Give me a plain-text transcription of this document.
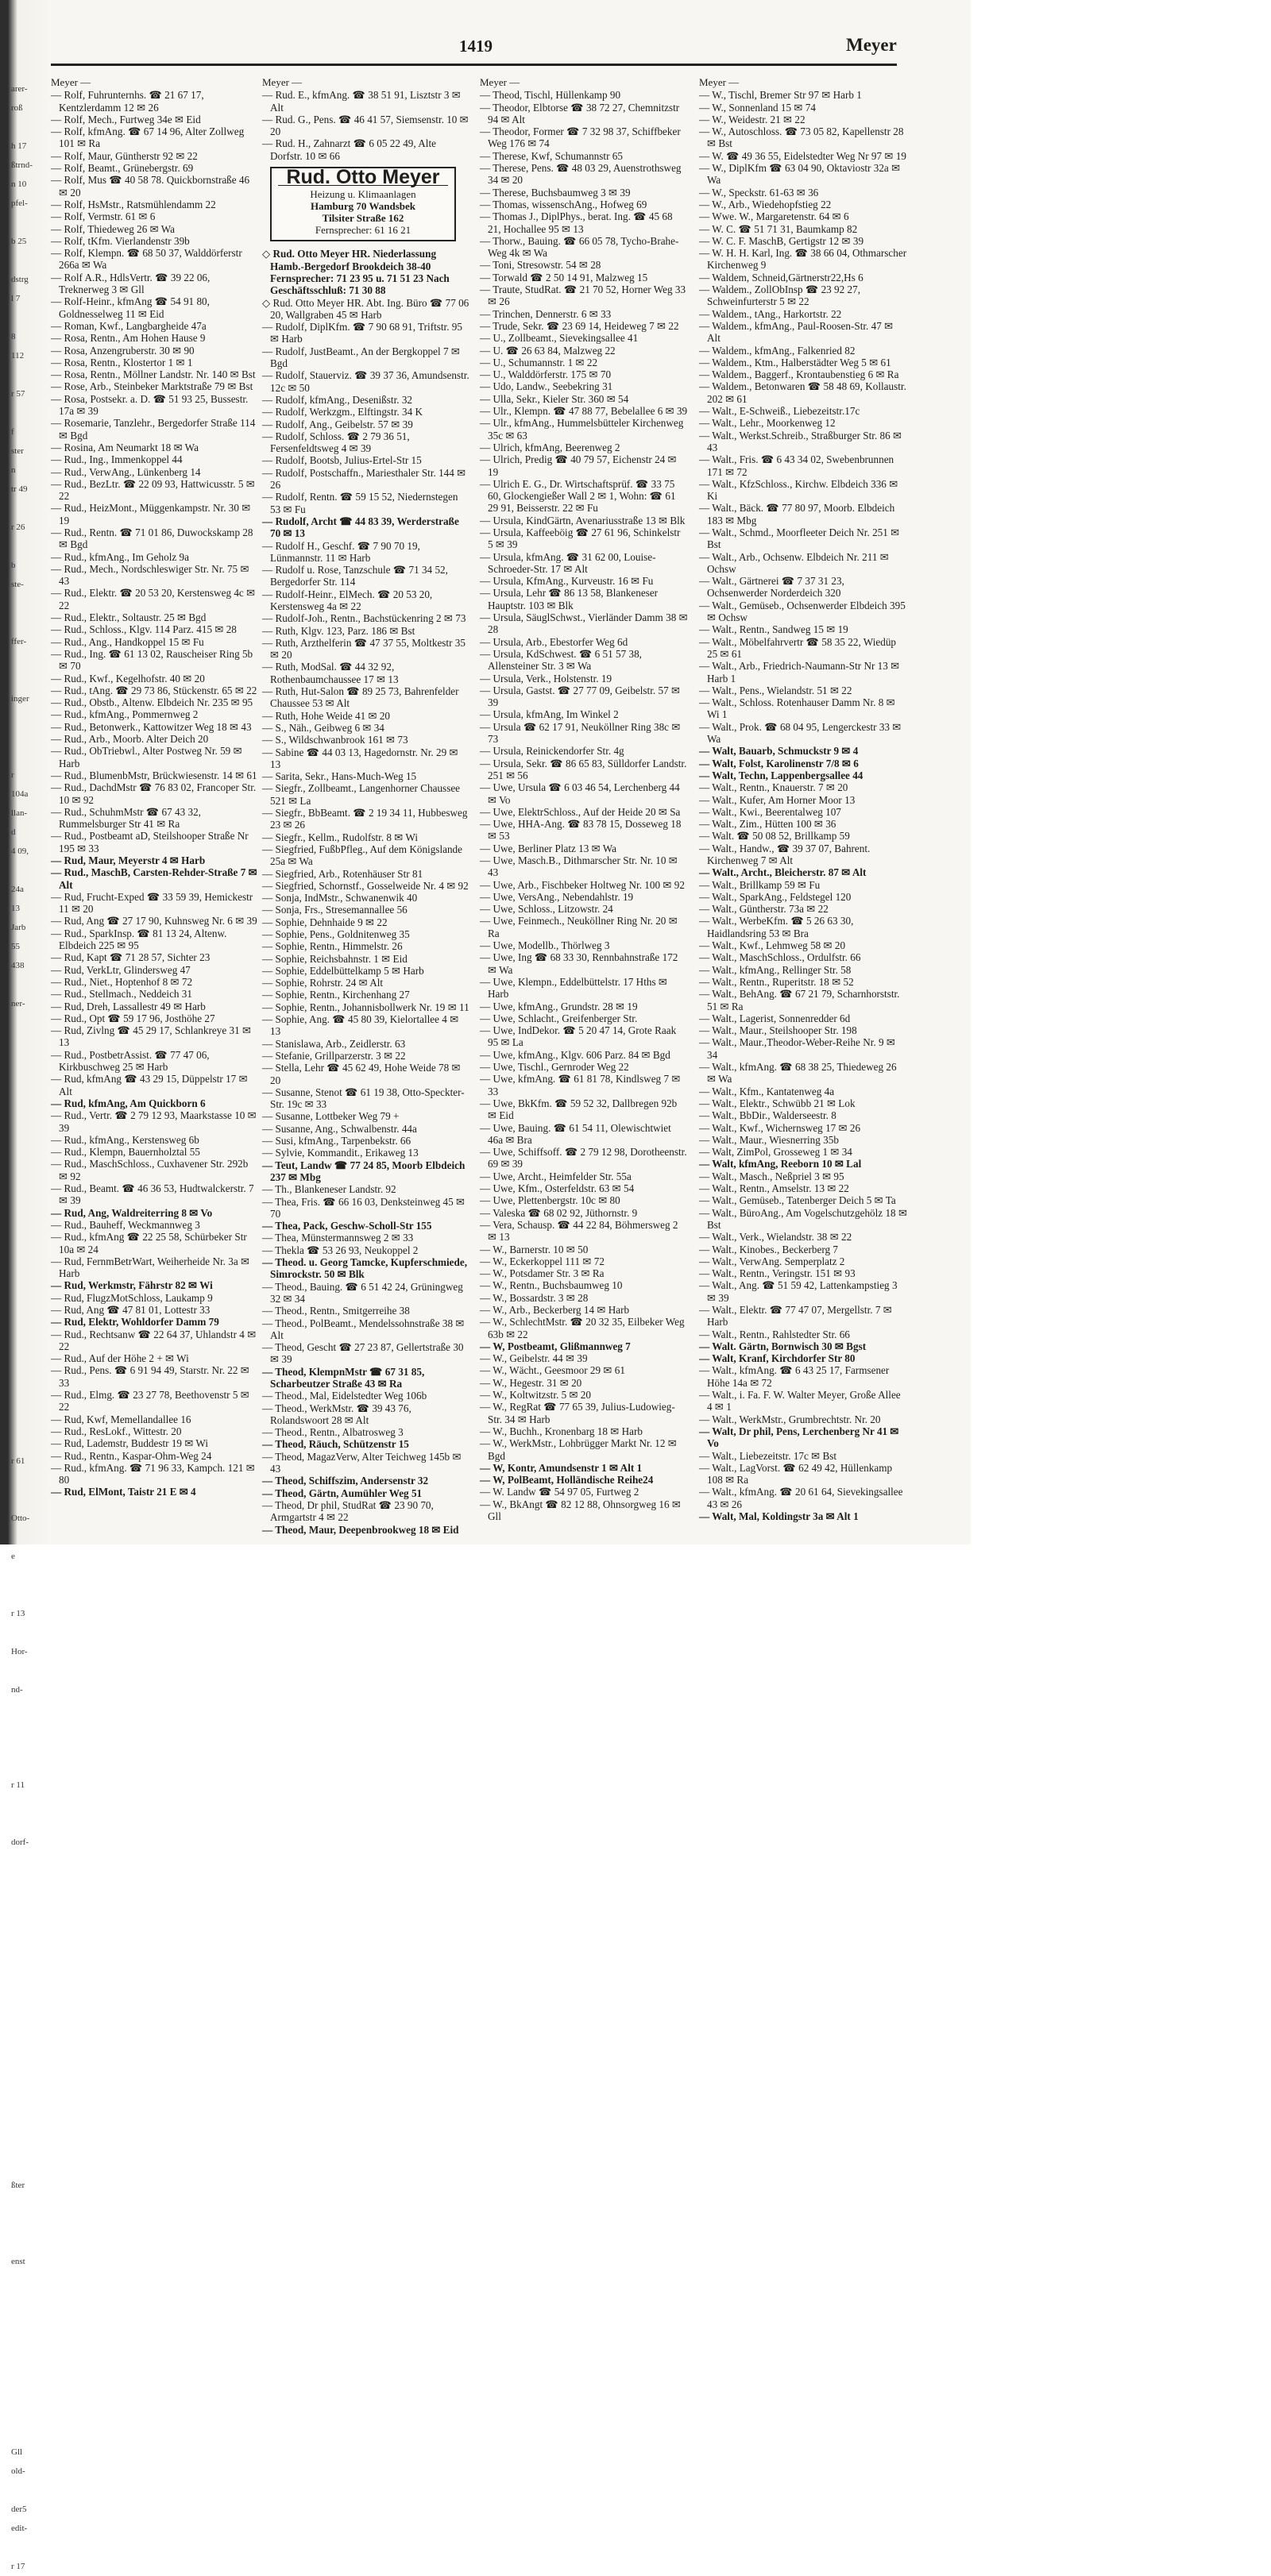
arer-
roß
h 17
ßtrnd-
n 10
pfel-
b 25
dstrg
l 7
8
112
r 57
f
ster
n
tr 49
r 26
b
ste-
ffer-
inger
r
104a
llan-
d
4 09,
24a
13
Jarb
55
438
ner-
r 61
Otto-
e
r 13
Hor-
nd-
r 11
dorf-
ßter
enst
Gll
old-
der5
edit-
r 17
1419	Meyer
Meyer —
— Rolf, Fuhrunternhs. ☎ 21 67 17, Kentzlerdamm 12 ✉ 26
— Rolf, Mech., Furtweg 34e ✉ Eid
— Rolf, kfmAng. ☎ 67 14 96, Alter Zollweg 101 ✉ Ra
— Rolf, Maur, Güntherstr 92 ✉ 22
— Rolf, Beamt., Grünebergstr. 69
— Rolf, Mus ☎ 40 58 78. Quickbornstraße 46 ✉ 20
— Rolf, HsMstr., Ratsmühlendamm 22
— Rolf, Vermstr. 61 ✉ 6
— Rolf, Thiedeweg 26 ✉ Wa
— Rolf, tKfm. Vierlandenstr 39b
— Rolf, Klempn. ☎ 68 50 37, Walddörferstr 266a ✉ Wa
— Rolf A.R., HdlsVertr. ☎ 39 22 06, Treknerweg 3 ✉ Gll
— Rolf-Heinr., kfmAng ☎ 54 91 80, Goldnesselweg 11 ✉ Eid
— Roman, Kwf., Langbargheide 47a
— Rosa, Rentn., Am Hohen Hause 9
— Rosa, Anzengruberstr. 30 ✉ 90
— Rosa, Rentn., Klostertor 1 ✉ 1
— Rosa, Rentn., Möllner Landstr. Nr. 140 ✉ Bst
— Rose, Arb., Steinbeker Marktstraße 79 ✉ Bst
— Rosa, Postsekr. a. D. ☎ 51 93 25, Bussestr. 17a ✉ 39
— Rosemarie, Tanzlehr., Bergedorfer Straße 114 ✉ Bgd
— Rosina, Am Neumarkt 18 ✉ Wa
— Rud., Ing., Immenkoppel 44
— Rud., VerwAng., Lünkenberg 14
— Rud., BezLtr. ☎ 22 09 93, Hattwicusstr. 5 ✉ 22
— Rud., HeizMont., Müggenkampstr. Nr. 30 ✉ 19
— Rud., Rentn. ☎ 71 01 86, Duwockskamp 28 ✉ Bgd
— Rud., kfmAng., Im Geholz 9a
— Rud., Mech., Nordschleswiger Str. Nr. 75 ✉ 43
— Rud., Elektr. ☎ 20 53 20, Kerstensweg 4c ✉ 22
— Rud., Elektr., Soltaustr. 25 ✉ Bgd
— Rud., Schloss., Klgv. 114 Parz. 415 ✉ 28
— Rud., Ang., Handkoppel 15 ✉ Fu
— Rud., Ing. ☎ 61 13 02, Rauscheiser Ring 5b ✉ 70
— Rud., Kwf., Kegelhofstr. 40 ✉ 20
— Rud., tAng. ☎ 29 73 86, Stückenstr. 65 ✉ 22
— Rud., Obstb., Altenw. Elbdeich Nr. 235 ✉ 95
— Rud., kfmAng., Pommernweg 2
— Rud., Betonwerk., Kattowitzer Weg 18 ✉ 43
— Rud., Arb., Moorb. Alter Deich 20
— Rud., ObTriebwl., Alter Postweg Nr. 59 ✉ Harb
— Rud., BlumenbMstr, Brückwiesenstr. 14 ✉ 61
— Rud., DachdMstr ☎ 76 83 02, Francoper Str. 10 ✉ 92
— Rud., SchuhmMstr ☎ 67 43 32, Rummelsburger Str 41 ✉ Ra
— Rud., Postbeamt aD, Steilshooper Straße Nr 195 ✉ 33
— Rud, Maur, Meyerstr 4 ✉ Harb
— Rud., MaschB, Carsten-Rehder-Straße 7 ✉ Alt
— Rud, Frucht-Exped ☎ 33 59 39, Hemickestr 11 ✉ 20
— Rud, Ang ☎ 27 17 90, Kuhnsweg Nr. 6 ✉ 39
— Rud., SparkInsp. ☎ 81 13 24, Altenw. Elbdeich 225 ✉ 95
— Rud, Kapt ☎ 71 28 57, Sichter 23
— Rud, VerkLtr, Glindersweg 47
— Rud., Niet., Hoptenhof 8 ✉ 72
— Rud., Stellmach., Neddeich 31
— Rud, Dreh, Lassallestr 49 ✉ Harb
— Rud., Opt ☎ 59 17 96, Josthöhe 27
— Rud, Zivlng ☎ 45 29 17, Schlankreye 31 ✉ 13
— Rud., PostbetrAssist. ☎ 77 47 06, Kirkbuschweg 25 ✉ Harb
— Rud, kfmAng ☎ 43 29 15, Düppelstr 17 ✉ Alt
— Rud, kfmAng, Am Quickborn 6
— Rud., Vertr. ☎ 2 79 12 93, Maarkstasse 10 ✉ 39
— Rud., kfmAng., Kerstensweg 6b
— Rud., Klempn, Bauernholztal 55
— Rud., MaschSchloss., Cuxhavener Str. 292b ✉ 92
— Rud., Beamt. ☎ 46 36 53, Hudtwalckerstr. 7 ✉ 39
— Rud, Ang, Waldreiterring 8 ✉ Vo
— Rud., Bauheff, Weckmannweg 3
— Rud., kfmAng ☎ 22 25 58, Schürbeker Str 10a ✉ 24
— Rud, FernmBetrWart, Weiherheide Nr. 3a ✉ Harb
— Rud, Werkmstr, Fährstr 82 ✉ Wi
— Rud, FlugzMotSchloss, Laukamp 9
— Rud, Ang ☎ 47 81 01, Lottestr 33
— Rud, Elektr, Wohldorfer Damm 79
— Rud., Rechtsanw ☎ 22 64 37, Uhlandstr 4 ✉ 22
— Rud., Auf der Höhe 2 + ✉ Wi
— Rud., Pens. ☎ 6 91 94 49, Starstr. Nr. 22 ✉ 33
— Rud., Elmg. ☎ 23 27 78, Beethovenstr 5 ✉ 22
— Rud, Kwf, Memellandallee 16
— Rud., ResLokf., Wittestr. 20
— Rud, Lademstr, Buddestr 19 ✉ Wi
— Rud., Rentn., Kaspar-Ohm-Weg 24
— Rud., kfmAng. ☎ 71 96 33, Kampch. 121 ✉ 80
— Rud, ElMont, Taistr 21 E ✉ 4
Meyer —
— Rud. E., kfmAng. ☎ 38 51 91, Lisztstr 3 ✉ Alt
— Rud. G., Pens. ☎ 46 41 57, Siemsenstr. 10 ✉ 20
— Rud. H., Zahnarzt ☎ 6 05 22 49, Alte Dorfstr. 10 ✉ 66
Rud. Otto Meyer
Heizung u. Klimaanlagen
Hamburg 70 Wandsbek
Tilsiter Straße 162
Fernsprecher: 61 16 21
◇ Rud. Otto Meyer HR. Niederlassung Hamb.-Bergedorf Brookdeich 38-40 Fernsprecher: 71 23 95 u. 71 51 23 Nach Geschäftsschluß: 71 30 88
◇ Rud. Otto Meyer HR. Abt. Ing. Büro ☎ 77 06 20, Wallgraben 45 ✉ Harb
— Rudolf, DiplKfm. ☎ 7 90 68 91, Triftstr. 95 ✉ Harb
— Rudolf, JustBeamt., An der Bergkoppel 7 ✉ Bgd
— Rudolf, Stauerviz. ☎ 39 37 36, Amundsenstr. 12c ✉ 50
— Rudolf, kfmAng., Desenißstr. 32
— Rudolf, Werkzgm., Elftingstr. 34 K
— Rudolf, Ang., Geibelstr. 57 ✉ 39
— Rudolf, Schloss. ☎ 2 79 36 51, Fersenfeldtsweg 4 ✉ 39
— Rudolf, Bootsb, Julius-Ertel-Str 15
— Rudolf, Postschaffn., Mariesthaler Str. 144 ✉ 26
— Rudolf, Rentn. ☎ 59 15 52, Niedernstegen 53 ✉ Fu
— Rudolf, Archt ☎ 44 83 39, Werderstraße 70 ✉ 13
— Rudolf H., Geschf. ☎ 7 90 70 19, Lünmannstr. 11 ✉ Harb
— Rudolf u. Rose, Tanzschule ☎ 71 34 52, Bergedorfer Str. 114
— Rudolf-Heinr., ElMech. ☎ 20 53 20, Kerstensweg 4a ✉ 22
— Rudolf-Joh., Rentn., Bachstückenring 2 ✉ 73
— Ruth, Klgv. 123, Parz. 186 ✉ Bst
— Ruth, Arzthelferin ☎ 47 37 55, Moltkestr 35 ✉ 20
— Ruth, ModSal. ☎ 44 32 92, Rothenbaumchaussee 17 ✉ 13
— Ruth, Hut-Salon ☎ 89 25 73, Bahrenfelder Chaussee 53 ✉ Alt
— Ruth, Hohe Weide 41 ✉ 20
— S., Näh., Geibweg 6 ✉ 34
— S., Wildschwanbrook 161 ✉ 73
— Sabine ☎ 44 03 13, Hagedornstr. Nr. 29 ✉ 13
— Sarita, Sekr., Hans-Much-Weg 15
— Siegfr., Zollbeamt., Langenhorner Chaussee 521 ✉ La
— Siegfr., BbBeamt. ☎ 2 19 34 11, Hubbesweg 23 ✉ 26
— Siegfr., Kellm., Rudolfstr. 8 ✉ Wi
— Siegfried, FußbPfleg., Auf dem Königslande 25a ✉ Wa
— Siegfried, Arb., Rotenhäuser Str 81
— Siegfried, Schornstf., Gosselweide Nr. 4 ✉ 92
— Sonja, IndMstr., Schwanenwik 40
— Sonja, Frs., Stresemannallee 56
— Sophie, Dehnhaide 9 ✉ 22
— Sophie, Pens., Goldnitenweg 35
— Sophie, Rentn., Himmelstr. 26
— Sophie, Reichsbahnstr. 1 ✉ Eid
— Sophie, Eddelbüttelkamp 5 ✉ Harb
— Sophie, Rohrstr. 24 ✉ Alt
— Sophie, Rentn., Kirchenhang 27
— Sophie, Rentn., Johannisbollwerk Nr. 19 ✉ 11
— Sophie, Ang. ☎ 45 80 39, Kielortallee 4 ✉ 13
— Stanislawa, Arb., Zeidlerstr. 63
— Stefanie, Grillparzerstr. 3 ✉ 22
— Stella, Lehr ☎ 45 62 49, Hohe Weide 78 ✉ 20
— Susanne, Stenot ☎ 61 19 38, Otto-Speckter-Str. 19c ✉ 33
— Susanne, Lottbeker Weg 79 +
— Susanne, Ang., Schwalbenstr. 44a
— Susi, kfmAng., Tarpenbekstr. 66
— Sylvie, Kommandit., Erikaweg 13
— Teut, Landw ☎ 77 24 85, Moorb Elbdeich 237 ✉ Mbg
— Th., Blankeneser Landstr. 92
— Thea, Fris. ☎ 66 16 03, Denksteinweg 45 ✉ 70
— Thea, Pack, Geschw-Scholl-Str 155
— Thea, Münstermannsweg 2 ✉ 33
— Thekla ☎ 53 26 93, Neukoppel 2
— Theod. u. Georg Tamcke, Kupferschmiede, Simrockstr. 50 ✉ Blk
— Theod., Bauing. ☎ 6 51 42 24, Grüningweg 32 ✉ 34
— Theod., Rentn., Smitgerreihe 38
— Theod., PolBeamt., Mendelssohnstraße 38 ✉ Alt
— Theod, Gescht ☎ 27 23 87, Gellertstraße 30 ✉ 39
— Theod, KlempnMstr ☎ 67 31 85, Scharbeutzer Straße 43 ✉ Ra
— Theod., Mal, Eidelstedter Weg 106b
— Theod., WerkMstr. ☎ 39 43 76, Rolandswoort 28 ✉ Alt
— Theod., Rentn., Albatrosweg 3
— Theod, Räuch, Schützenstr 15
— Theod, MagazVerw, Alter Teichweg 145b ✉ 43
— Theod, Schiffszim, Andersenstr 32
— Theod, Gärtn, Aumühler Weg 51
— Theod, Dr phil, StudRat ☎ 23 90 70, Armgartstr 4 ✉ 22
— Theod, Maur, Deepenbrookweg 18 ✉ Eid
Meyer —
— Theod, Tischl, Hüllenkamp 90
— Theodor, Elbtorse ☎ 38 72 27, Chemnitzstr 94 ✉ Alt
— Theodor, Former ☎ 7 32 98 37, Schiffbeker Weg 176 ✉ 74
— Therese, Kwf, Schumannstr 65
— Therese, Pens. ☎ 48 03 29, Auenstrothsweg 34 ✉ 20
— Therese, Buchsbaumweg 3 ✉ 39
— Thomas, wissenschAng., Hofweg 69
— Thomas J., DiplPhys., berat. Ing. ☎ 45 68 21, Hochallee 95 ✉ 13
— Thorw., Bauing. ☎ 66 05 78, Tycho-Brahe-Weg 4k ✉ Wa
— Toni, Stresowstr. 54 ✉ 28
— Torwald ☎ 2 50 14 91, Malzweg 15
— Traute, StudRat. ☎ 21 70 52, Horner Weg 33 ✉ 26
— Trinchen, Dennerstr. 6 ✉ 33
— Trude, Sekr. ☎ 23 69 14, Heideweg 7 ✉ 22
— U., Zollbeamt., Sievekingsallee 41
— U. ☎ 26 63 84, Malzweg 22
— U., Schumannstr. 1 ✉ 22
— U., Walddörferstr. 175 ✉ 70
— Udo, Landw., Seebekring 31
— Ulla, Sekr., Kieler Str. 360 ✉ 54
— Ulr., Klempn. ☎ 47 88 77, Bebelallee 6 ✉ 39
— Ulr., kfmAng., Hummelsbütteler Kirchenweg 35c ✉ 63
— Ulrich, kfmAng, Beerenweg 2
— Ulrich, Predig ☎ 40 79 57, Eichenstr 24 ✉ 19
— Ulrich E. G., Dr. Wirtschaftsprüf. ☎ 33 75 60, Glockengießer Wall 2 ✉ 1, Wohn: ☎ 61 29 91, Beisserstr. 22 ✉ Fu
— Ursula, KindGärtn, Avenariusstraße 13 ✉ Blk
— Ursula, Kaffeeböig ☎ 27 61 96, Schinkelstr 5 ✉ 39
— Ursula, kfmAng. ☎ 31 62 00, Louise-Schroeder-Str. 17 ✉ Alt
— Ursula, KfmAng., Kurveustr. 16 ✉ Fu
— Ursula, Lehr ☎ 86 13 58, Blankeneser Hauptstr. 103 ✉ Blk
— Ursula, SäuglSchwst., Vierländer Damm 38 ✉ 28
— Ursula, Arb., Ebestorfer Weg 6d
— Ursula, KdSchwest. ☎ 6 51 57 38, Allensteiner Str. 3 ✉ Wa
— Ursula, Verk., Holstenstr. 19
— Ursula, Gastst. ☎ 27 77 09, Geibelstr. 57 ✉ 39
— Ursula, kfmAng, Im Winkel 2
— Ursula ☎ 62 17 91, Neuköllner Ring 38c ✉ 73
— Ursula, Reinickendorfer Str. 4g
— Ursula, Sekr. ☎ 86 65 83, Sülldorfer Landstr. 251 ✉ 56
— Uwe, Ursula ☎ 6 03 46 54, Lerchenberg 44 ✉ Vo
— Uwe, ElektrSchloss., Auf der Heide 20 ✉ Sa
— Uwe, HHA-Ang. ☎ 83 78 15, Dosseweg 18 ✉ 53
— Uwe, Berliner Platz 13 ✉ Wa
— Uwe, Masch.B., Dithmarscher Str. Nr. 10 ✉ 43
— Uwe, Arb., Fischbeker Holtweg Nr. 100 ✉ 92
— Uwe, VersAng., Nebendahlstr. 19
— Uwe, Schloss., Litzowstr. 24
— Uwe, Feinmech., Neuköllner Ring Nr. 20 ✉ Ra
— Uwe, Modellb., Thörlweg 3
— Uwe, Ing ☎ 68 33 30, Rennbahnstraße 172 ✉ Wa
— Uwe, Klempn., Eddelbüttelstr. 17 Hths ✉ Harb
— Uwe, kfmAng., Grundstr. 28 ✉ 19
— Uwe, Schlacht., Greifenberger Str.
— Uwe, IndDekor. ☎ 5 20 47 14, Grote Raak 95 ✉ La
— Uwe, kfmAng., Klgv. 606 Parz. 84 ✉ Bgd
— Uwe, Tischl., Gernroder Weg 22
— Uwe, kfmAng. ☎ 61 81 78, Kindlsweg 7 ✉ 33
— Uwe, BkKfm. ☎ 59 52 32, Dallbregen 92b ✉ Eid
— Uwe, Bauing. ☎ 61 54 11, Olewischtwiet 46a ✉ Bra
— Uwe, Schiffsoff. ☎ 2 79 12 98, Dorotheenstr. 69 ✉ 39
— Uwe, Archt., Heimfelder Str. 55a
— Uwe, Kfm., Osterfeldstr. 63 ✉ 54
— Uwe, Plettenbergstr. 10c ✉ 80
— Valeska ☎ 68 02 92, Jüthornstr. 9
— Vera, Schausp. ☎ 44 22 84, Böhmersweg 2 ✉ 13
— W., Barnerstr. 10 ✉ 50
— W., Eckerkoppel 111 ✉ 72
— W., Potsdamer Str. 3 ✉ Ra
— W., Rentn., Buchsbaumweg 10
— W., Bossardstr. 3 ✉ 28
— W., Arb., Beckerberg 14 ✉ Harb
— W., SchlechtMstr. ☎ 20 32 35, Eilbeker Weg 63b ✉ 22
— W, Postbeamt, Glißmannweg 7
— W., Geibelstr. 44 ✉ 39
— W., Wächt., Geesmoor 29 ✉ 61
— W., Hegestr. 31 ✉ 20
— W., Koltwitzstr. 5 ✉ 20
— W., RegRat ☎ 77 65 39, Julius-Ludowieg-Str. 34 ✉ Harb
— W., Buchh., Kronenbarg 18 ✉ Harb
— W., WerkMstr., Lohbrügger Markt Nr. 12 ✉ Bgd
— W, Kontr, Amundsenstr 1 ✉ Alt 1
— W, PolBeamt, Holländische Reihe24
— W. Landw ☎ 54 97 05, Furtweg 2
— W., BkAngt ☎ 82 12 88, Ohnsorgweg 16 ✉ Gll
Meyer —
— W., Tischl, Bremer Str 97 ✉ Harb 1
— W., Sonnenland 15 ✉ 74
— W., Weidestr. 21 ✉ 22
— W., Autoschloss. ☎ 73 05 82, Kapellenstr 28 ✉ Bst
— W. ☎ 49 36 55, Eidelstedter Weg Nr 97 ✉ 19
— W., DiplKfm ☎ 63 04 90, Oktaviostr 32a ✉ Wa
— W., Speckstr. 61-63 ✉ 36
— W., Arb., Wiedehopfstieg 22
— Wwe. W., Margaretenstr. 64 ✉ 6
— W. C. ☎ 51 71 31, Baumkamp 82
— W. C. F. MaschB, Gertigstr 12 ✉ 39
— W. H. H. Karl, Ing. ☎ 38 66 04, Othmarscher Kirchenweg 9
— Waldem, Schneid,Gärtnerstr22,Hs 6
— Waldem., ZollObInsp ☎ 23 92 27, Schweinfurterstr 5 ✉ 22
— Waldem., tAng., Harkortstr. 22
— Waldem., kfmAng., Paul-Roosen-Str. 47 ✉ Alt
— Waldem., kfmAng., Falkenried 82
— Waldem., Ktm., Halberstädter Weg 5 ✉ 61
— Waldem., Baggerf., Krontaubenstieg 6 ✉ Ra
— Waldem., Betonwaren ☎ 58 48 69, Kollaustr. 202 ✉ 61
— Walt., E-Schweiß., Liebezeitstr.17c
— Walt., Lehr., Moorkenweg 12
— Walt., Werkst.Schreib., Straßburger Str. 86 ✉ 43
— Walt., Fris. ☎ 6 43 34 02, Swebenbrunnen 171 ✉ 72
— Walt., KfzSchloss., Kirchw. Elbdeich 336 ✉ Ki
— Walt., Bäck. ☎ 77 80 97, Moorb. Elbdeich 183 ✉ Mbg
— Walt., Schmd., Moorfleeter Deich Nr. 251 ✉ Bst
— Walt., Arb., Ochsenw. Elbdeich Nr. 211 ✉ Ochsw
— Walt., Gärtnerei ☎ 7 37 31 23, Ochsenwerder Norderdeich 320
— Walt., Gemüseb., Ochsenwerder Elbdeich 395 ✉ Ochsw
— Walt., Rentn., Sandweg 15 ✉ 19
— Walt., Möbelfahrvertr ☎ 58 35 22, Wiedüp 25 ✉ 61
— Walt., Arb., Friedrich-Naumann-Str Nr 13 ✉ Harb 1
— Walt., Pens., Wielandstr. 51 ✉ 22
— Walt., Schloss. Rotenhauser Damm Nr. 8 ✉ Wi 1
— Walt., Prok. ☎ 68 04 95, Lengerckestr 33 ✉ Wa
— Walt, Bauarb, Schmuckstr 9 ✉ 4
— Walt, Folst, Karolinenstr 7/8 ✉ 6
— Walt, Techn, Lappenbergsallee 44
— Walt., Rentn., Knauerstr. 7 ✉ 20
— Walt., Kufer, Am Horner Moor 13
— Walt., Kwi., Beerentalweg 107
— Walt., Zim., Hütten 100 ✉ 36
— Walt. ☎ 50 08 52, Brillkamp 59
— Walt., Handw., ☎ 39 37 07, Bahrent. Kirchenweg 7 ✉ Alt
— Walt., Archt., Bleicherstr. 87 ✉ Alt
— Walt., Brillkamp 59 ✉ Fu
— Walt., SparkAng., Feldstegel 120
— Walt., Güntherstr. 73a ✉ 22
— Walt., WerbeKfm. ☎ 5 26 63 30, Haidlandsring 53 ✉ Bra
— Walt., Kwf., Lehmweg 58 ✉ 20
— Walt., MaschSchloss., Ordulfstr. 66
— Walt., kfmAng., Rellinger Str. 58
— Walt., Rentn., Ruperitstr. 18 ✉ 52
— Walt., BehAng. ☎ 67 21 79, Scharnhorststr. 51 ✉ Ra
— Walt., Lagerist, Sonnenredder 6d
— Walt., Maur., Steilshooper Str. 198
— Walt., Maur.,Theodor-Weber-Reihe Nr. 9 ✉ 34
— Walt., kfmAng. ☎ 68 38 25, Thiedeweg 26 ✉ Wa
— Walt., Kfm., Kantatenweg 4a
— Walt., Elektr., Schwübb 21 ✉ Lok
— Walt., BbDir., Walderseestr. 8
— Walt., Kwf., Wichernsweg 17 ✉ 26
— Walt., Maur., Wiesnerring 35b
— Walt, ZimPol, Grosseweg 1 ✉ 34
— Walt, kfmAng, Reeborn 10 ✉ Lal
— Walt., Masch., Neßpriel 3 ✉ 95
— Walt., Rentn., Amselstr. 13 ✉ 22
— Walt., Gemüseb., Tatenberger Deich 5 ✉ Ta
— Walt., BüroAng., Am Vogelschutzgehölz 18 ✉ Bst
— Walt., Verk., Wielandstr. 38 ✉ 22
— Walt., Kinobes., Beckerberg 7
— Walt., VerwAng. Semperplatz 2
— Walt., Rentn., Veringstr. 151 ✉ 93
— Walt., Ang. ☎ 51 59 42, Lattenkampstieg 3 ✉ 39
— Walt., Elektr. ☎ 77 47 07, Mergellstr. 7 ✉ Harb
— Walt., Rentn., Rahlstedter Str. 66
— Walt. Gärtn, Bornwisch 30 ✉ Bgst
— Walt, Kranf, Kirchdorfer Str 80
— Walt., kfmAng. ☎ 6 43 25 17, Farmsener Höhe 14a ✉ 72
— Walt., i. Fa. F. W. Walter Meyer, Große Allee 4 ✉ 1
— Walt., WerkMstr., Grumbrechtstr. Nr. 20
— Walt, Dr phil, Pens, Lerchenberg Nr 41 ✉ Vo
— Walt., Liebezeitstr. 17c ✉ Bst
— Walt., LagVorst. ☎ 62 49 42, Hüllenkamp 108 ✉ Ra
— Walt., kfmAng. ☎ 20 61 64, Sievekingsallee 43 ✉ 26
— Walt, Mal, Koldingstr 3a ✉ Alt 1
